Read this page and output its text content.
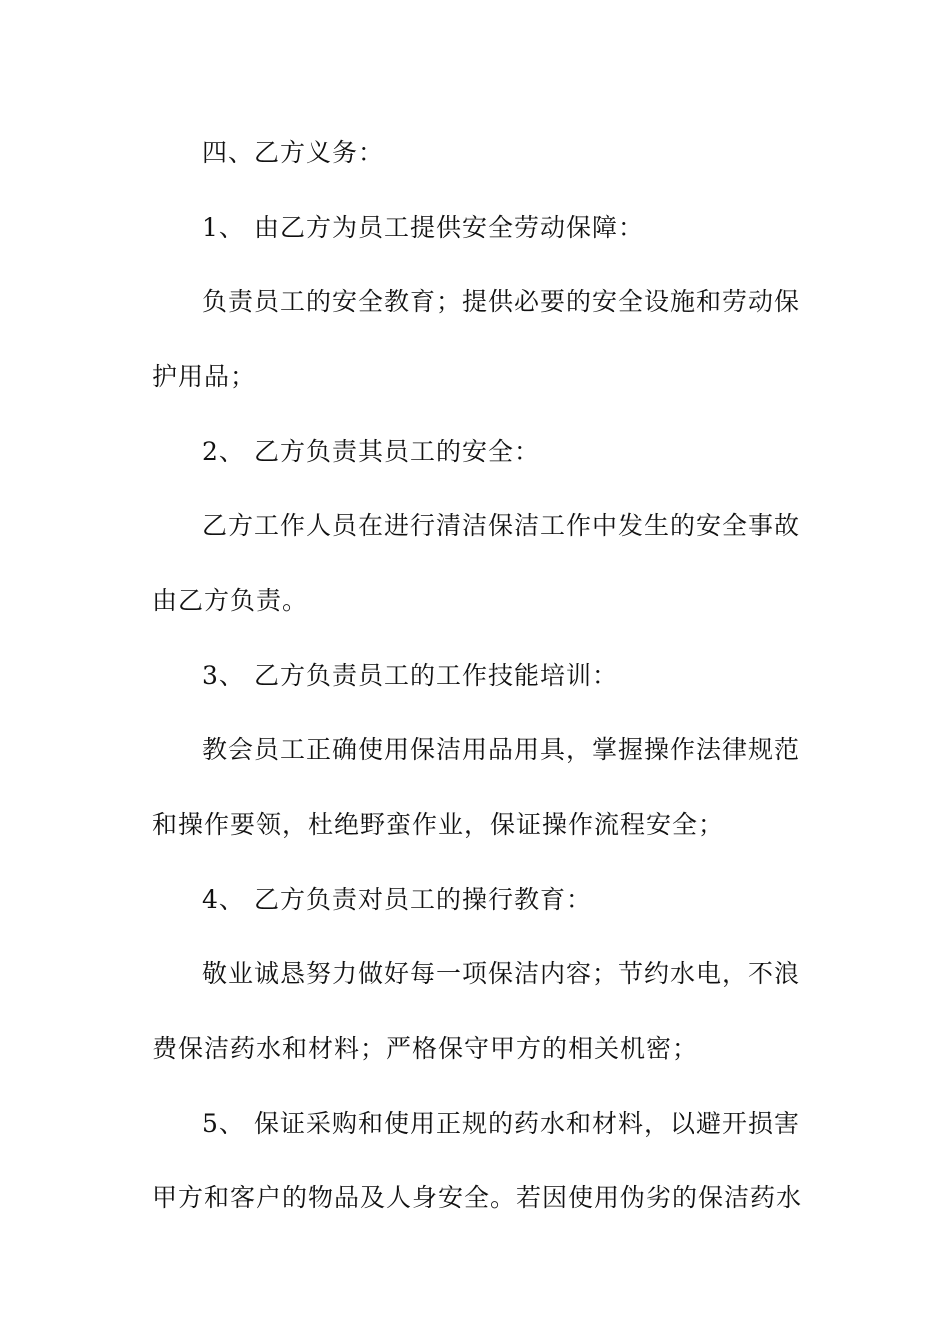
四、乙方义务：
1、 由乙方为员工提供安全劳动保障：
负责员工的安全教育；提供必要的安全设施和劳动保
护用品；
2、 乙方负责其员工的安全：
乙方工作人员在进行清洁保洁工作中发生的安全事故
由乙方负责。
3、 乙方负责员工的工作技能培训：
教会员工正确使用保洁用品用具，掌握操作法律规范
和操作要领，杜绝野蛮作业，保证操作流程安全；
4、 乙方负责对员工的操行教育：
敬业诚恳努力做好每一项保洁内容；节约水电，不浪
费保洁药水和材料；严格保守甲方的相关机密；
5、 保证采购和使用正规的药水和材料，以避开损害
甲方和客户的物品及人身安全。若因使用伪劣的保洁药水
